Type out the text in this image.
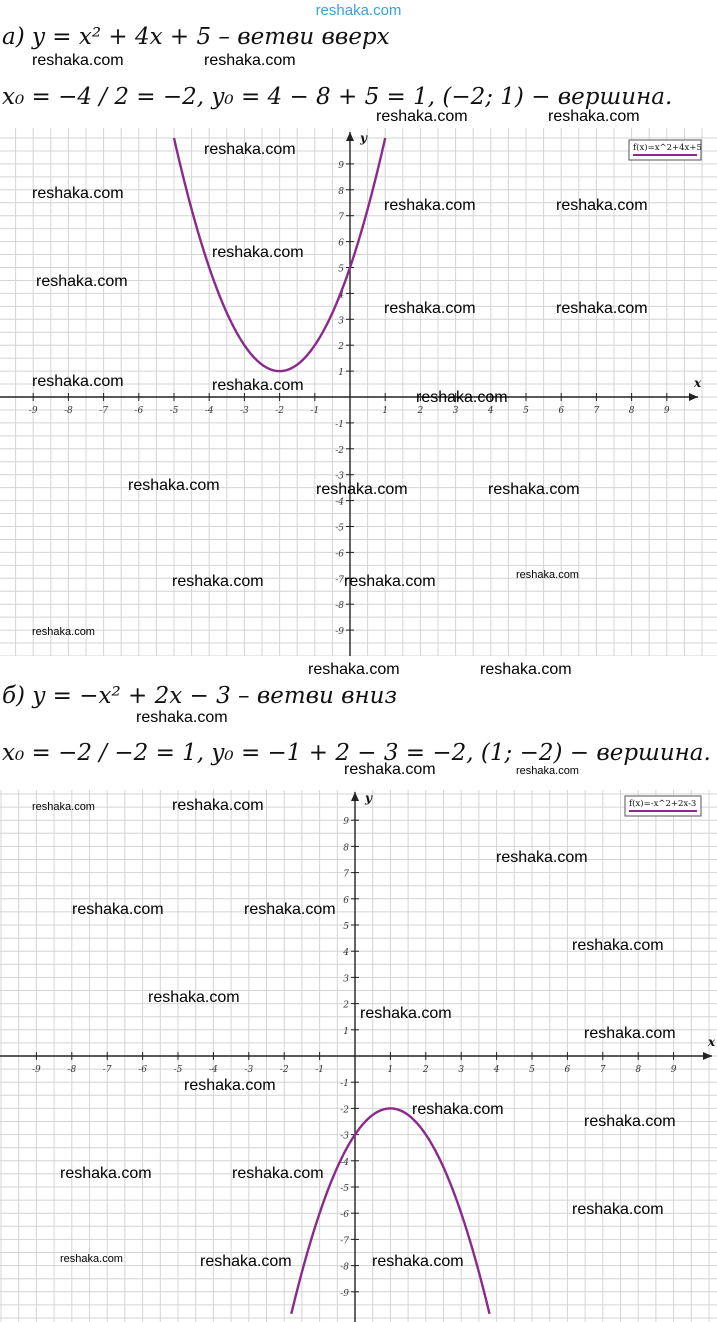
reshaka.com
а) y = x² + 4x + 5 – ветви вверх
x₀ = −4 / 2 = −2, y₀ = 4 − 8 + 5 = 1, (−2; 1) − вершина.
x
y
-9	-8	-7	-6	-5	-4	-3	-2	-1	1	2	3	4	5	6	7	8	9
9
8
7
6
5
4
3
2
1
-1
-2
-3
-4
-5
-6
-7
-8
-9
f(x)=x^2+4x+5
б) y = −x² + 2x − 3 – ветви вниз
x₀ = −2 / −2 = 1, y₀ = −1 + 2 − 3 = −2, (1; −2) − вершина.
x
y
-9	-8	-7	-6	-5	-4	-3	-2	-1	1	2	3	4	5	6	7	8	9
9
8
7
6
5
4
3
2
1
-1
-2
-3
-4
-5
-6
-7
-8
-9
f(x)=-x^2+2x-3
reshaka.com	reshaka.com
reshaka.com	reshaka.com
reshaka.com
reshaka.com
reshaka.com	reshaka.com
reshaka.com
reshaka.com
reshaka.com	reshaka.com
reshaka.com	reshaka.com
reshaka.com
reshaka.com	reshaka.com	reshaka.com
reshaka.com	reshaka.com	reshaka.com
reshaka.com
reshaka.com	reshaka.com
reshaka.com
reshaka.com	reshaka.com
reshaka.com	reshaka.com
reshaka.com
reshaka.com	reshaka.com
reshaka.com
reshaka.com
reshaka.com
reshaka.com
reshaka.com
reshaka.com
reshaka.com
reshaka.com	reshaka.com
reshaka.com
reshaka.com	reshaka.com	reshaka.com
